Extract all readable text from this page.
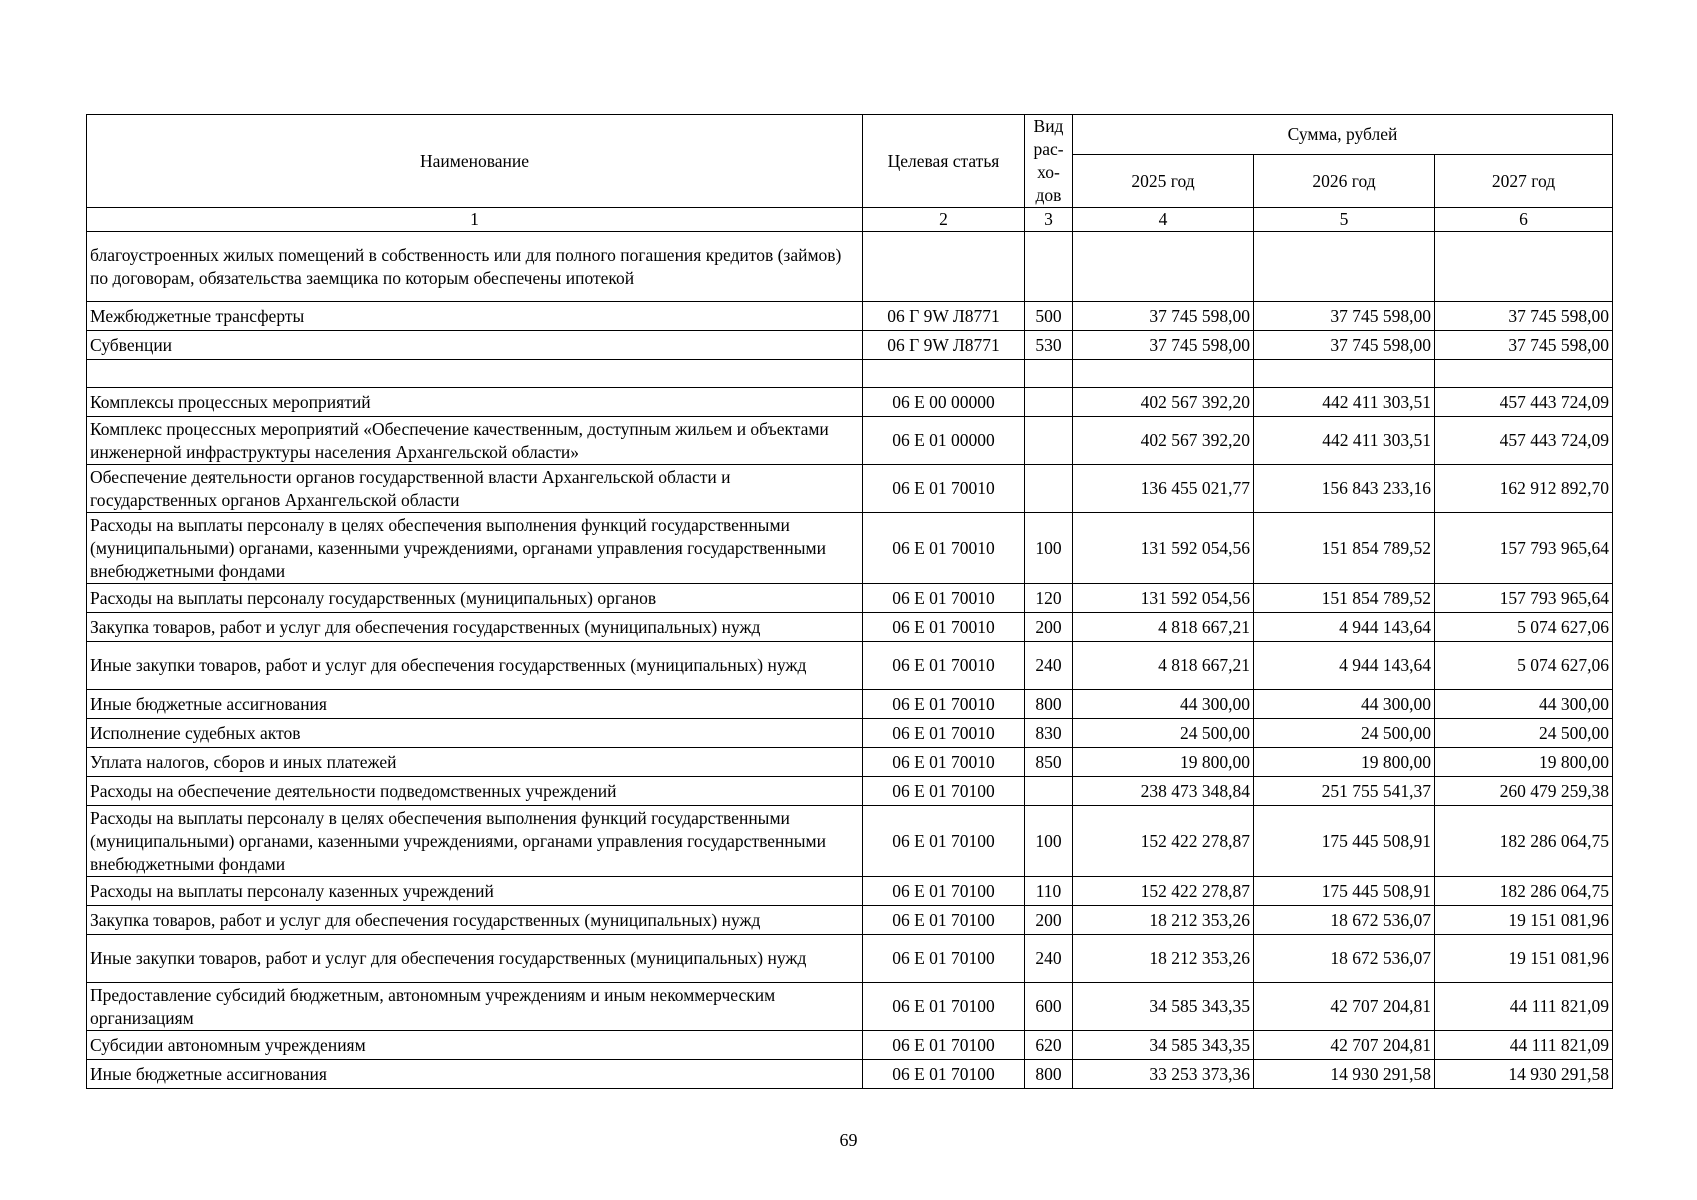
Наименование	Целевая статья	Вид рас-хо-дов	Сумма, рублей		
			2025 год	2026 год	2027 год
1	2	3	4	5	6
благоустроенных жилых помещений в собственность или для полного погашения кредитов (займов) по договорам, обязательства заемщика по которым обеспечены ипотекой					
Межбюджетные трансферты	06 Г 9W Л8771	500	37 745 598,00	37 745 598,00	37 745 598,00
Субвенции	06 Г 9W Л8771	530	37 745 598,00	37 745 598,00	37 745 598,00

Комплексы процессных мероприятий	06 Е 00 00000		402 567 392,20	442 411 303,51	457 443 724,09
Комплекс процессных мероприятий «Обеспечение качественным, доступным жильем и объектами инженерной инфраструктуры населения Архангельской области»	06 Е 01 00000		402 567 392,20	442 411 303,51	457 443 724,09
Обеспечение деятельности органов государственной власти Архангельской области и государственных органов Архангельской области	06 Е 01 70010		136 455 021,77	156 843 233,16	162 912 892,70
Расходы на выплаты персоналу в целях обеспечения выполнения функций государственными (муниципальными) органами, казенными учреждениями, органами управления государственными внебюджетными фондами	06 Е 01 70010	100	131 592 054,56	151 854 789,52	157 793 965,64
Расходы на выплаты персоналу государственных (муниципальных) органов	06 Е 01 70010	120	131 592 054,56	151 854 789,52	157 793 965,64
Закупка товаров, работ и услуг для обеспечения государственных (муниципальных) нужд	06 Е 01 70010	200	4 818 667,21	4 944 143,64	5 074 627,06
Иные закупки товаров, работ и услуг для обеспечения государственных (муниципальных) нужд	06 Е 01 70010	240	4 818 667,21	4 944 143,64	5 074 627,06
Иные бюджетные ассигнования	06 Е 01 70010	800	44 300,00	44 300,00	44 300,00
Исполнение судебных актов	06 Е 01 70010	830	24 500,00	24 500,00	24 500,00
Уплата налогов, сборов и иных платежей	06 Е 01 70010	850	19 800,00	19 800,00	19 800,00
Расходы на обеспечение деятельности подведомственных учреждений	06 Е 01 70100		238 473 348,84	251 755 541,37	260 479 259,38
Расходы на выплаты персоналу в целях обеспечения выполнения функций государственными (муниципальными) органами, казенными учреждениями, органами управления государственными внебюджетными фондами	06 Е 01 70100	100	152 422 278,87	175 445 508,91	182 286 064,75
Расходы на выплаты персоналу казенных учреждений	06 Е 01 70100	110	152 422 278,87	175 445 508,91	182 286 064,75
Закупка товаров, работ и услуг для обеспечения государственных (муниципальных) нужд	06 Е 01 70100	200	18 212 353,26	18 672 536,07	19 151 081,96
Иные закупки товаров, работ и услуг для обеспечения государственных (муниципальных) нужд	06 Е 01 70100	240	18 212 353,26	18 672 536,07	19 151 081,96
Предоставление субсидий бюджетным, автономным учреждениям и иным некоммерческим организациям	06 Е 01 70100	600	34 585 343,35	42 707 204,81	44 111 821,09
Субсидии автономным учреждениям	06 Е 01 70100	620	34 585 343,35	42 707 204,81	44 111 821,09
Иные бюджетные ассигнования	06 Е 01 70100	800	33 253 373,36	14 930 291,58	14 930 291,58
69
